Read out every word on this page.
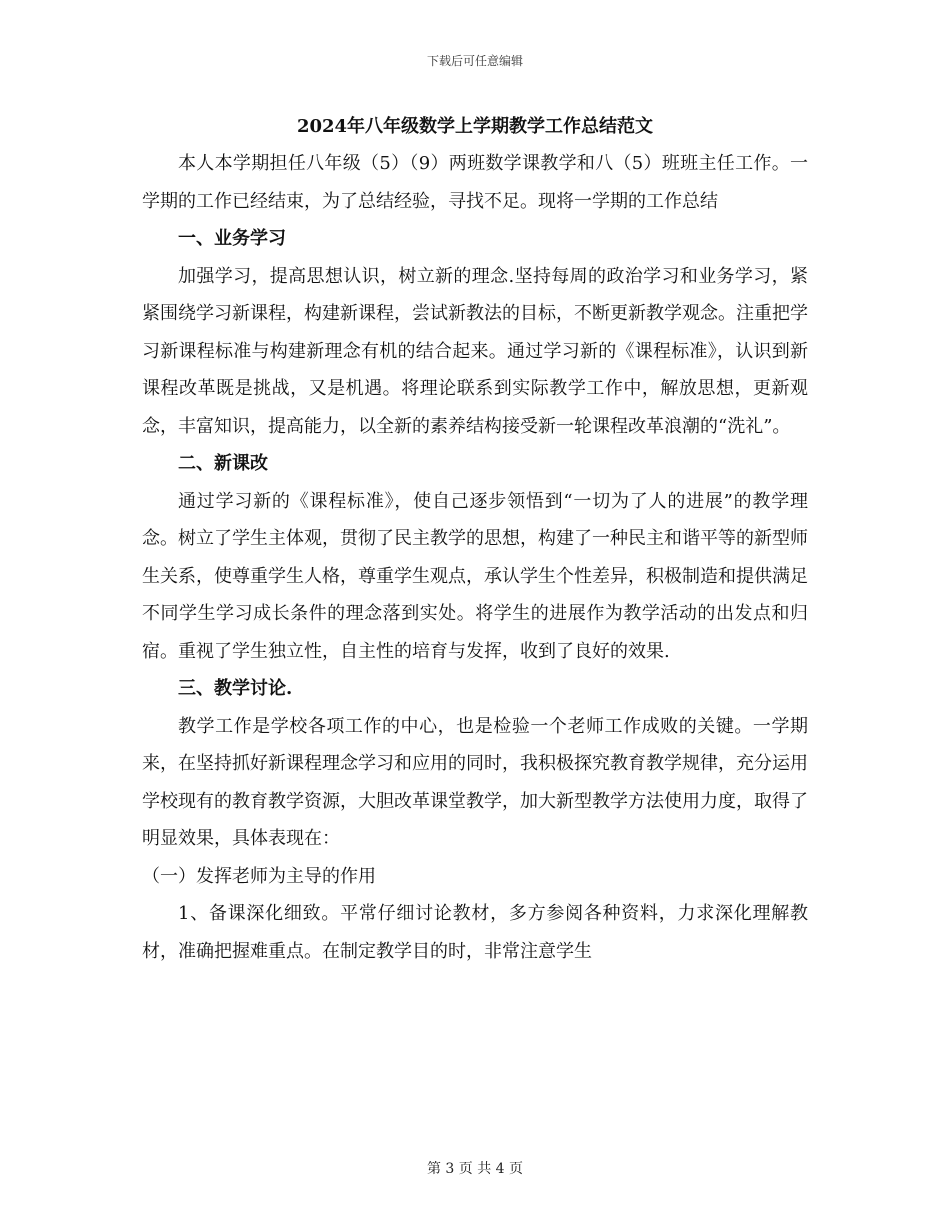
下载后可任意编辑
2024年八年级数学上学期教学工作总结范文

本人本学期担任八年级（5）（9）两班数学课教学和八（5）班班主任工作。一学期的工作已经结束，为了总结经验，寻找不足。现将一学期的工作总结

一、业务学习

加强学习，提高思想认识，树立新的理念.坚持每周的政治学习和业务学习，紧紧围绕学习新课程，构建新课程，尝试新教法的目标，不断更新教学观念。注重把学习新课程标准与构建新理念有机的结合起来。通过学习新的《课程标准》，认识到新课程改革既是挑战，又是机遇。将理论联系到实际教学工作中，解放思想，更新观念，丰富知识，提高能力，以全新的素养结构接受新一轮课程改革浪潮的“洗礼”。

二、新课改

通过学习新的《课程标准》，使自己逐步领悟到“一切为了人的进展”的教学理念。树立了学生主体观，贯彻了民主教学的思想，构建了一种民主和谐平等的新型师生关系，使尊重学生人格，尊重学生观点，承认学生个性差异，积极制造和提供满足不同学生学习成长条件的理念落到实处。将学生的进展作为教学活动的出发点和归宿。重视了学生独立性，自主性的培育与发挥，收到了良好的效果.

三、教学讨论.

教学工作是学校各项工作的中心，也是检验一个老师工作成败的关键。一学期来，在坚持抓好新课程理念学习和应用的同时，我积极探究教育教学规律，充分运用学校现有的教育教学资源，大胆改革课堂教学，加大新型教学方法使用力度，取得了明显效果，具体表现在：

（一）发挥老师为主导的作用

1、备课深化细致。平常仔细讨论教材，多方参阅各种资料，力求深化理解教材，准确把握难重点。在制定教学目的时，非常注意学生

第 3 页 共 4 页
